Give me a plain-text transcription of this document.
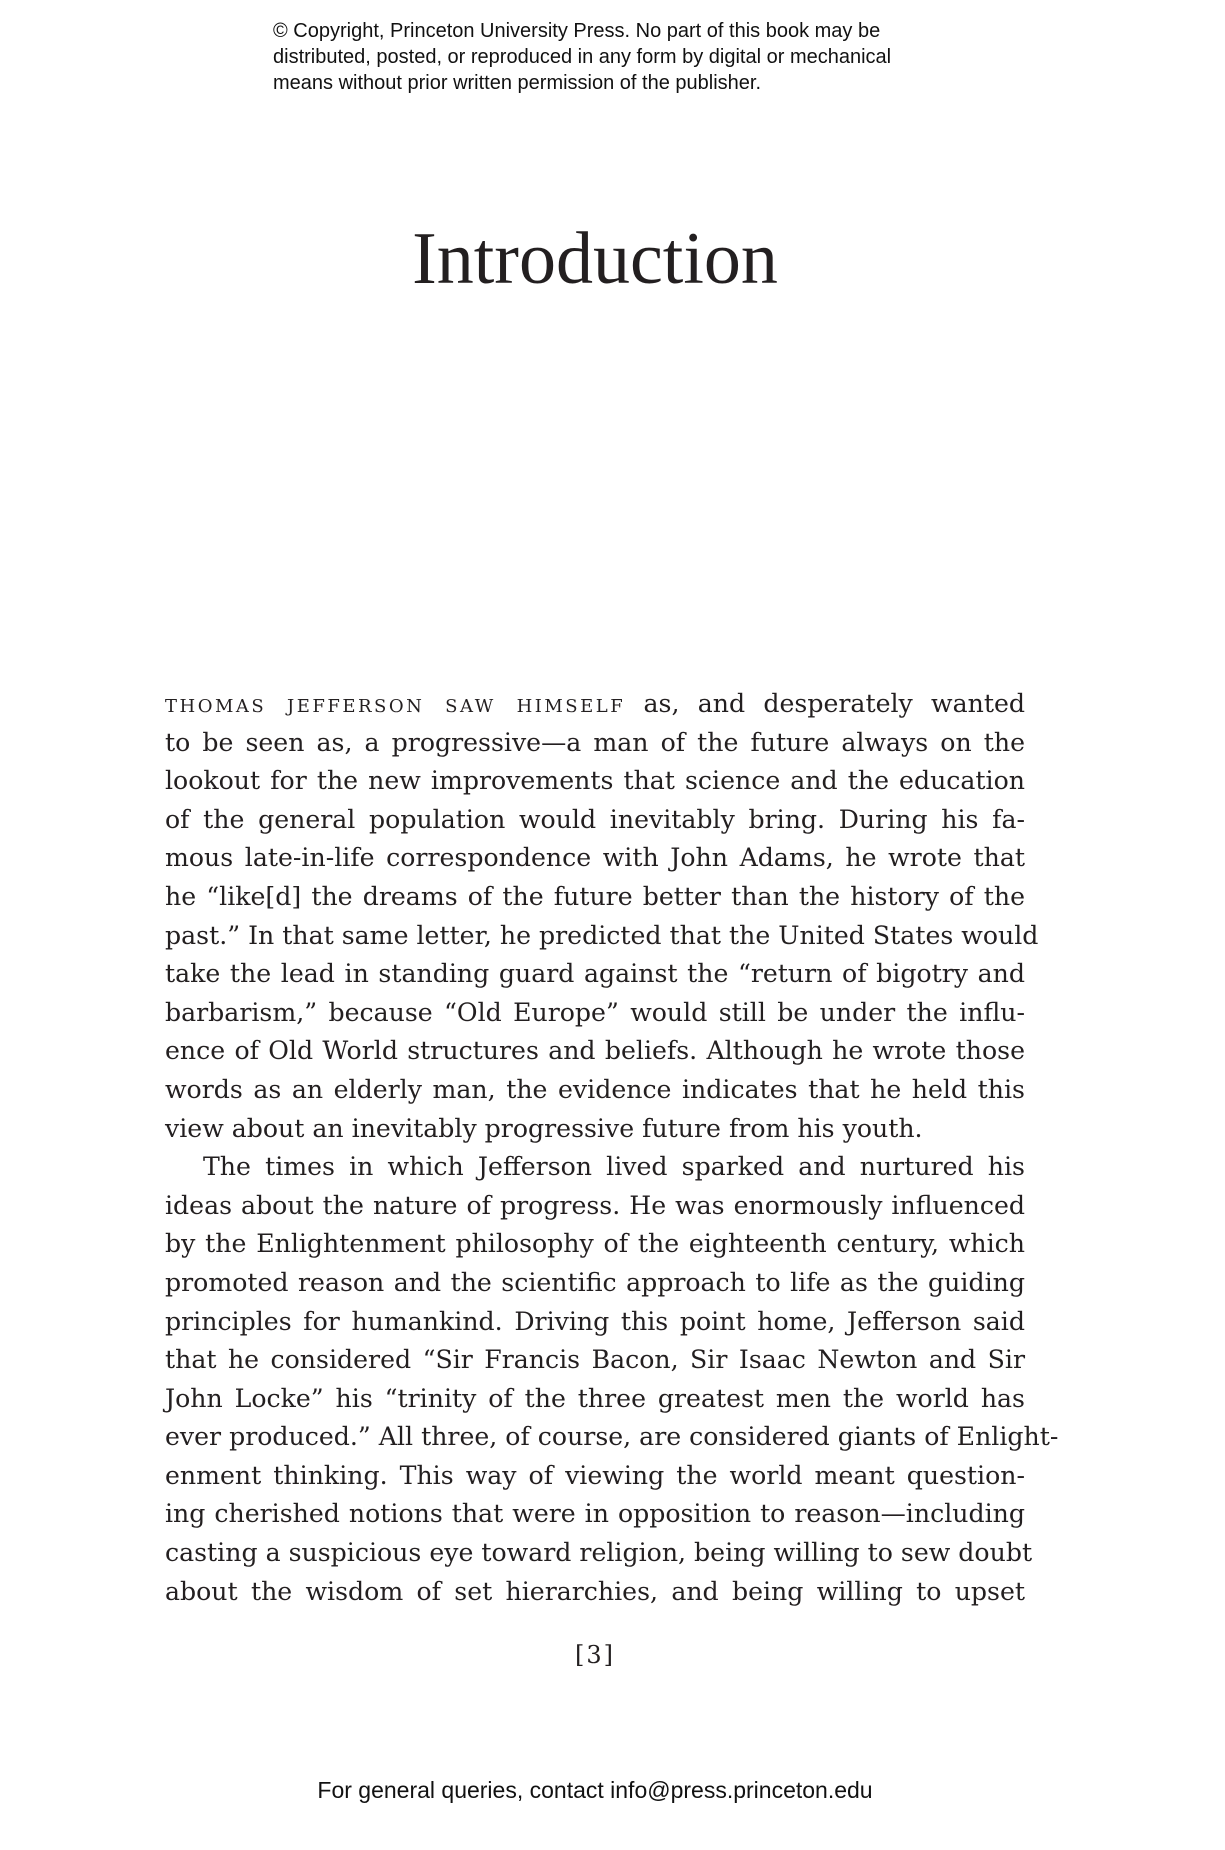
© Copyright, Princeton University Press. No part of this book may be
distributed, posted, or reproduced in any form by digital or mechanical
means without prior written permission of the publisher.
Introduction
thomas jefferson saw himself as, and desperately wanted
to be seen as, a progressive—a man of the future always on the
lookout for the new improvements that science and the education
of the general population would inevitably bring. During his fa-
mous late-in-life correspondence with John Adams, he wrote that
he “like[d] the dreams of the future better than the history of the
past.” In that same letter, he predicted that the United States would
take the lead in standing guard against the “return of bigotry and
barbarism,” because “Old Europe” would still be under the influ-
ence of Old World structures and beliefs. Although he wrote those
words as an elderly man, the evidence indicates that he held this
view about an inevitably progressive future from his youth.
The times in which Jefferson lived sparked and nurtured his
ideas about the nature of progress. He was enormously influenced
by the Enlightenment philosophy of the eighteenth century, which
promoted reason and the scientific approach to life as the guiding
principles for humankind. Driving this point home, Jefferson said
that he considered “Sir Francis Bacon, Sir Isaac Newton and Sir
John Locke” his “trinity of the three greatest men the world has
ever produced.” All three, of course, are considered giants of Enlight-
enment thinking. This way of viewing the world meant question-
ing cherished notions that were in opposition to reason—including
casting a suspicious eye toward religion, being willing to sew doubt
about the wisdom of set hierarchies, and being willing to upset
[3]
For general queries, contact info@press.princeton.edu
